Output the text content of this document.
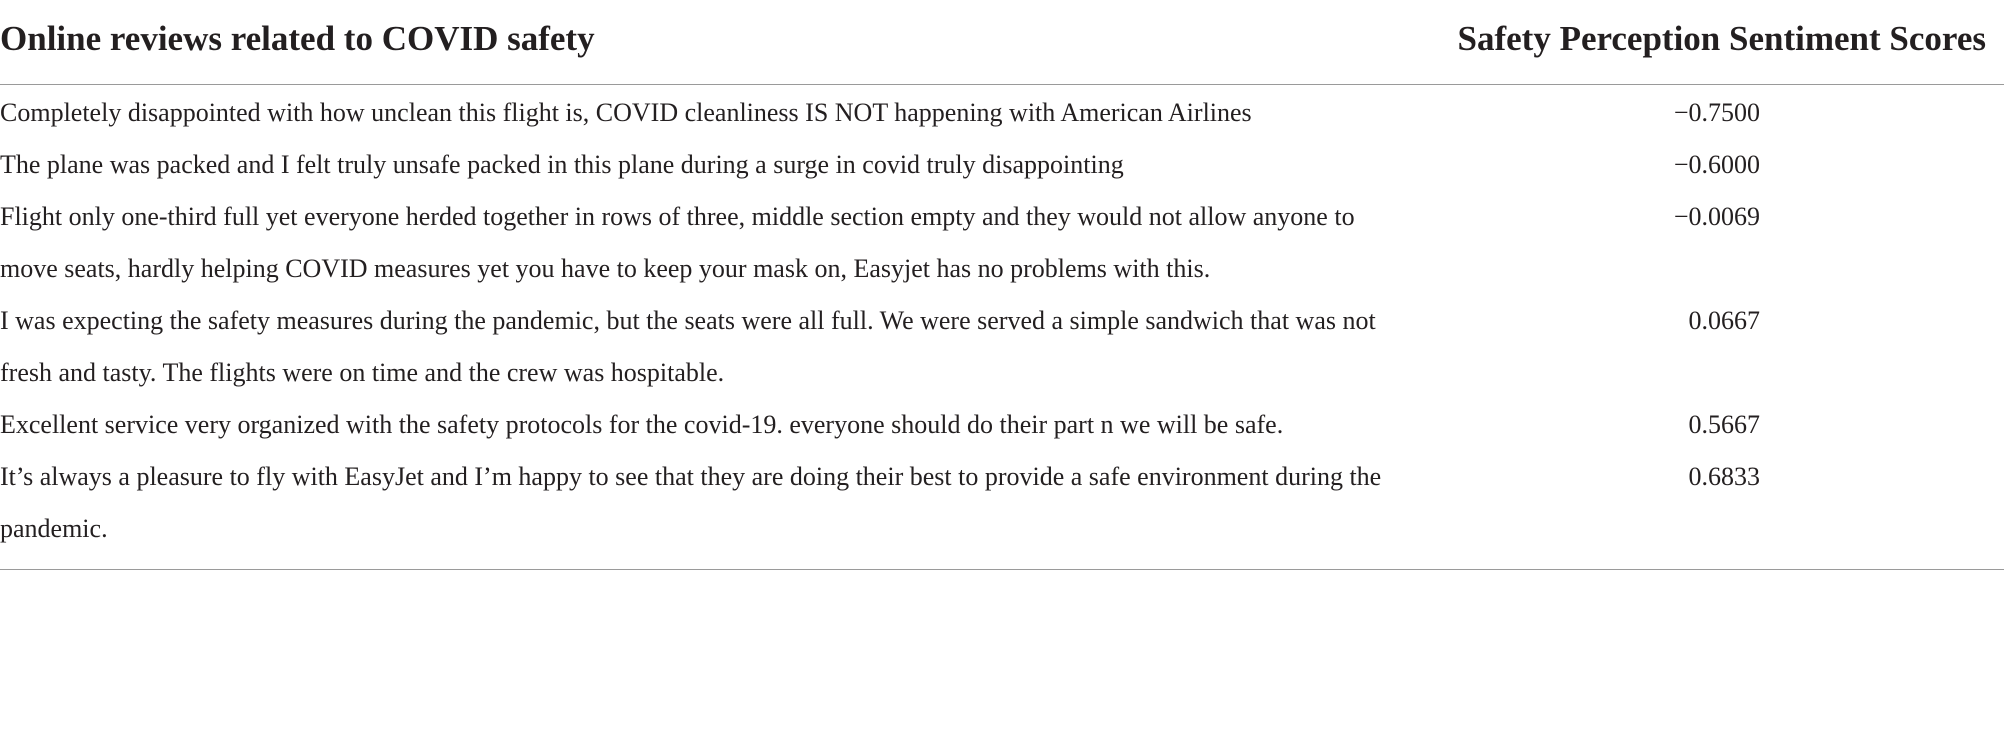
Online reviews related to COVID safety	Safety Perception Sentiment Scores
Completely disappointed with how unclean this flight is, COVID cleanliness IS NOT happening with American Airlines	−0.7500
The plane was packed and I felt truly unsafe packed in this plane during a surge in covid truly disappointing	−0.6000
Flight only one-third full yet everyone herded together in rows of three, middle section empty and they would not allow anyone to move seats, hardly helping COVID measures yet you have to keep your mask on, Easyjet has no problems with this.	−0.0069
I was expecting the safety measures during the pandemic, but the seats were all full. We were served a simple sandwich that was not fresh and tasty. The flights were on time and the crew was hospitable.	0.0667
Excellent service very organized with the safety protocols for the covid-19. everyone should do their part n we will be safe.	0.5667
It’s always a pleasure to fly with EasyJet and I’m happy to see that they are doing their best to provide a safe environment during the pandemic.	0.6833
